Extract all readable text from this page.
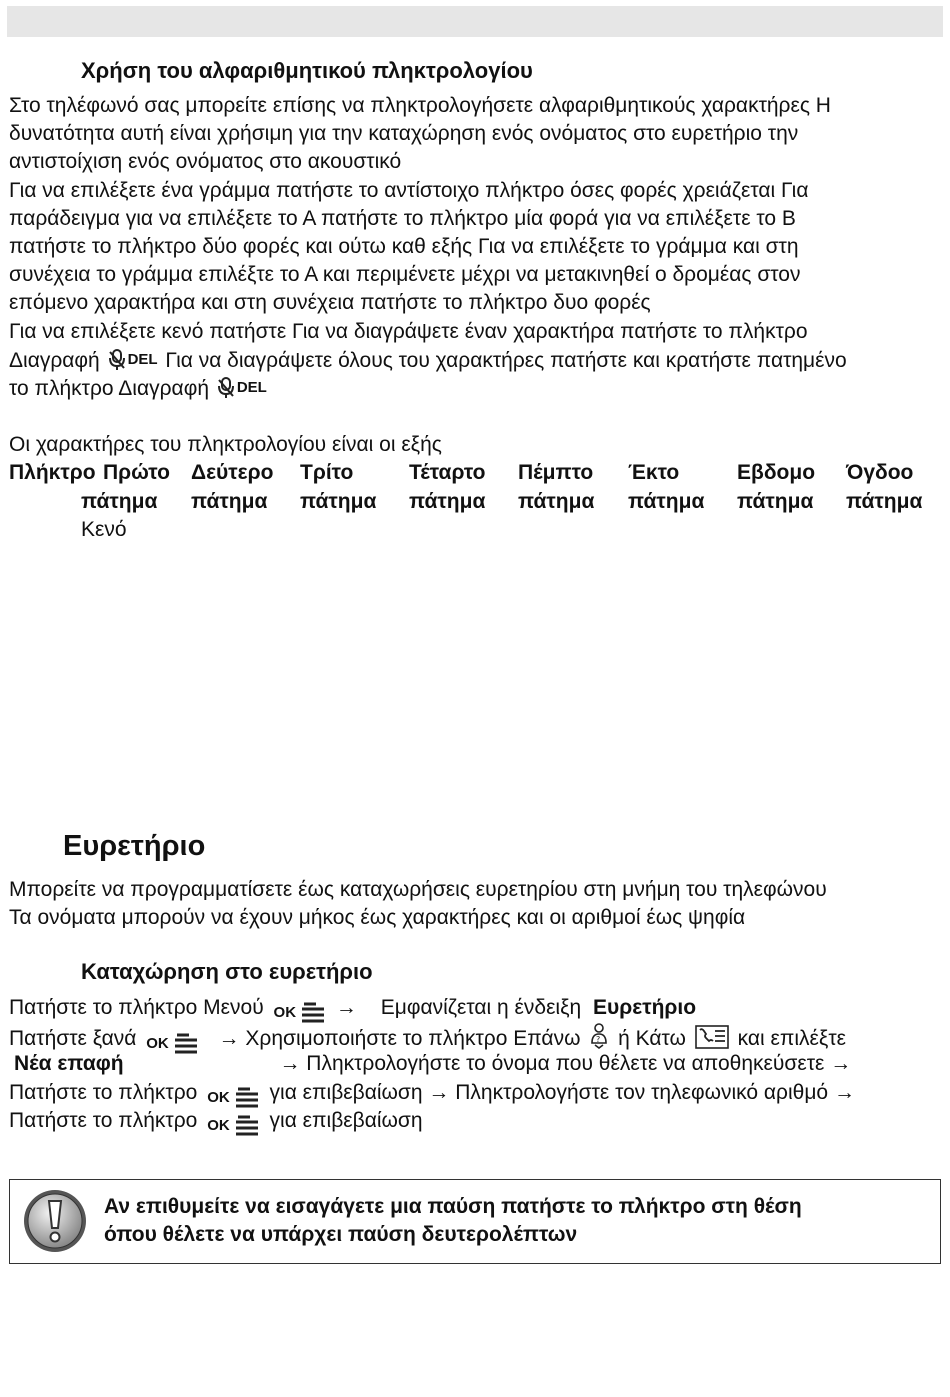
Χρήση του αλφαριθμητικού πληκτρολογίου
Στο τηλέφωνό σας μπορείτε επίσης να πληκτρολογήσετε αλφαριθμητικούς χαρακτήρες Η
δυνατότητα αυτή είναι χρήσιμη για την καταχώρηση ενός ονόματος στο ευρετήριο την
αντιστοίχιση ενός ονόματος στο ακουστικό
Για να επιλέξετε ένα γράμμα πατήστε το αντίστοιχο πλήκτρο όσες φορές χρειάζεται Για
παράδειγμα για να επιλέξετε το Α πατήστε το πλήκτρο μία φορά για να επιλέξετε το Β
πατήστε το πλήκτρο δύο φορές και ούτω καθ εξής Για να επιλέξετε το γράμμα και στη
συνέχεια το γράμμα επιλέξτε το Α και περιμένετε μέχρι να μετακινηθεί ο δρομέας στον
επόμενο χαρακτήρα και στη συνέχεια πατήστε το πλήκτρο δυο φορές
Για να επιλέξετε κενό πατήστε Για να διαγράψετε έναν χαρακτήρα πατήστε το πλήκτρο
Διαγραφή DEL Για να διαγράψετε όλους του χαρακτήρες πατήστε και κρατήστε πατημένο
το πλήκτρο Διαγραφή DEL
Οι χαρακτήρες του πληκτρολογίου είναι οι εξής
Πλήκτρο Πρώτο Δεύτερο Τρίτο	Τέταρτο Πέμπτο Έκτο	Εβδομο Όγδοο
πάτημα πάτημα πάτημα πάτημα πάτημα πάτημα πάτημα πάτημα
Κενό
Ευρετήριο
Μπορείτε να προγραμματίσετε έως καταχωρήσεις ευρετηρίου στη μνήμη του τηλεφώνου
Τα ονόματα μπορούν να έχουν μήκος έως χαρακτήρες και οι αριθμοί έως ψηφία
Καταχώρηση στο ευρετήριο
Πατήστε το πλήκτρο Μενού OK → Εμφανίζεται η ένδειξη Ευρετήριο
Πατήστε ξανά OK → Χρησιμοποιήστε το πλήκτρο Επάνω ? ή Κάτω και επιλέξτε
Νέα επαφή	→ Πληκτρολογήστε το όνομα που θέλετε να αποθηκεύσετε →
Πατήστε το πλήκτρο OK για επιβεβαίωση → Πληκτρολογήστε τον τηλεφωνικό αριθμό →
Πατήστε το πλήκτρο OK για επιβεβαίωση
Αν επιθυμείτε να εισαγάγετε μια παύση πατήστε το πλήκτρο στη θέση
όπου θέλετε να υπάρχει παύση δευτερολέπτων
